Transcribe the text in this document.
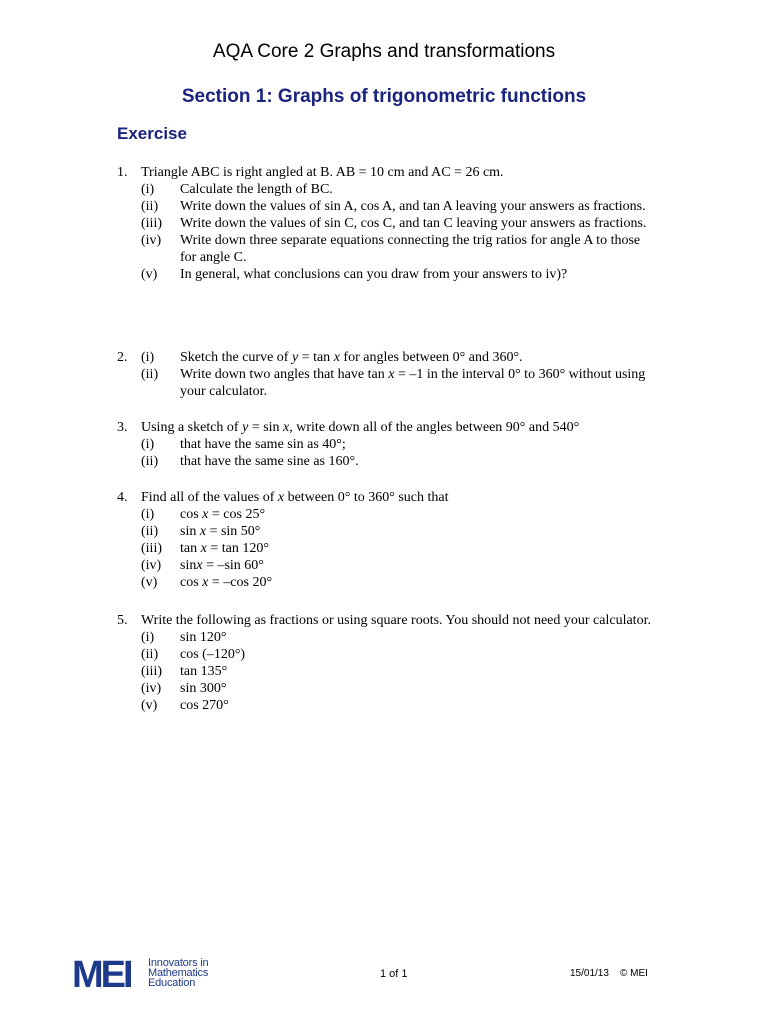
AQA Core 2 Graphs and transformations
Section 1: Graphs of trigonometric functions
Exercise
1. Triangle ABC is right angled at B. AB = 10 cm and AC = 26 cm.
(i)	Calculate the length of BC.
(ii)	Write down the values of sin A, cos A, and tan A leaving your answers as fractions.
(iii)	Write down the values of sin C, cos C, and tan C leaving your answers as fractions.
(iv)	Write down three separate equations connecting the trig ratios for angle A to those for angle C.
(v)	In general, what conclusions can you draw from your answers to iv)?
2. (i) Sketch the curve of y = tan x for angles between 0° and 360°.
(ii)	Write down two angles that have tan x = –1 in the interval 0° to 360° without using your calculator.
3. Using a sketch of y = sin x, write down all of the angles between 90° and 540°
(i)	that have the same sin as 40°;
(ii)	that have the same sine as 160°.
4. Find all of the values of x between 0° to 360° such that
(i)	cos x = cos 25°
(ii)	sin x = sin 50°
(iii)	tan x = tan 120°
(iv)	sinx = –sin 60°
(v)	cos x = –cos 20°
5. Write the following as fractions or using square roots. You should not need your calculator.
(i)	sin 120°
(ii)	cos (–120°)
(iii)	tan 135°
(iv)	sin 300°
(v)	cos 270°
MEI Innovators in
Mathematics
Education
1 of 1	15/01/13 © MEI
